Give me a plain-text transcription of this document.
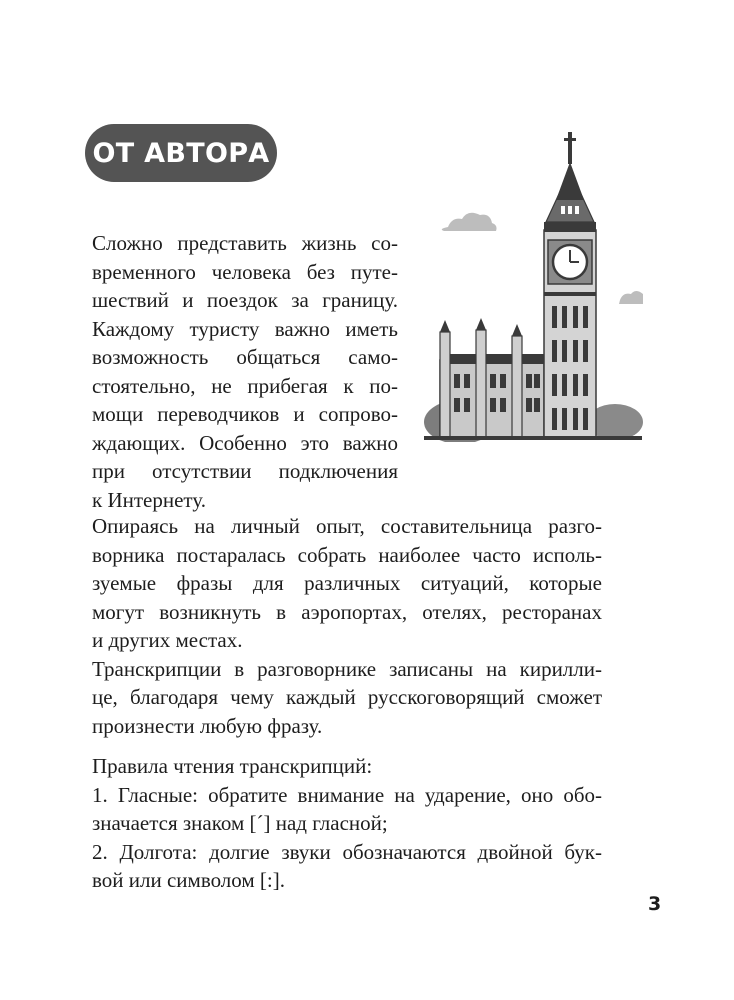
ОТ АВТОРА
Сложно представить жизнь со-
временного человека без путе-
шествий и поездок за границу.
Каждому туристу важно иметь
возможность общаться само-
стоятельно, не прибегая к по-
мощи переводчиков и сопрово-
ждающих. Особенно это важно
при отсутствии подключения
к Интернету.
Опираясь на личный опыт, составительница разго-
ворника постаралась собрать наиболее часто исполь-
зуемые фразы для различных ситуаций, которые
могут возникнуть в аэропортах, отелях, ресторанах
и других местах.
Транскрипции в разговорнике записаны на кирилли-
це, благодаря чему каждый русскоговорящий сможет
произнести любую фразу.
Правила чтения транскрипций:
1. Гласные: обратите внимание на ударение, оно обо-
значается знаком [´] над гласной;
2. Долгота: долгие звуки обозначаются двойной бук-
вой или символом [:].
3
